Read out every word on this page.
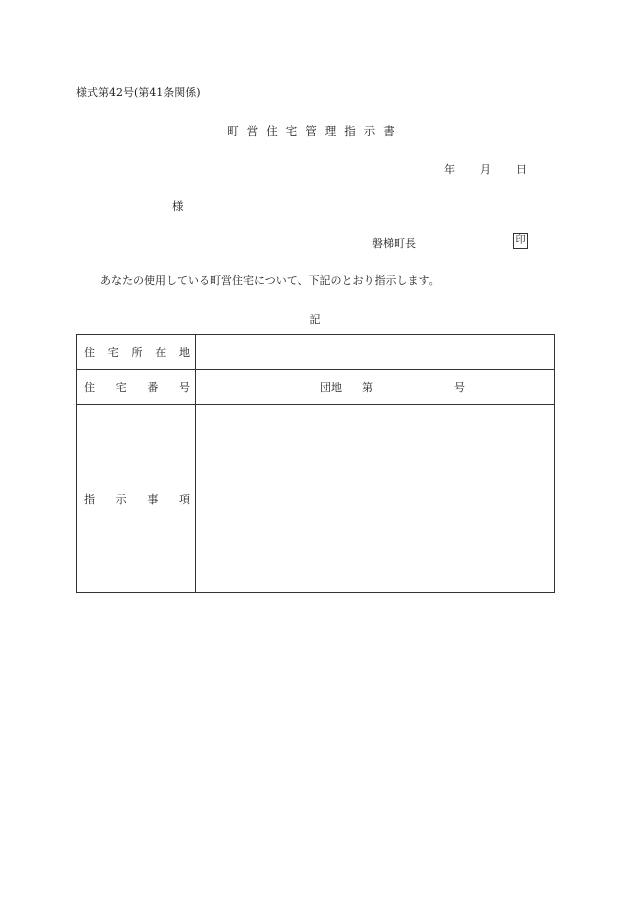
様式第42号(第41条関係)
町営住宅管理指示書
年 月 日
様
磐梯町長	印
あなたの使用している町営住宅について、下記のとおり指示します。
記
住 宅 所 在 地	

住 宅 番 号	団地 第 号

指 示 事 項	
